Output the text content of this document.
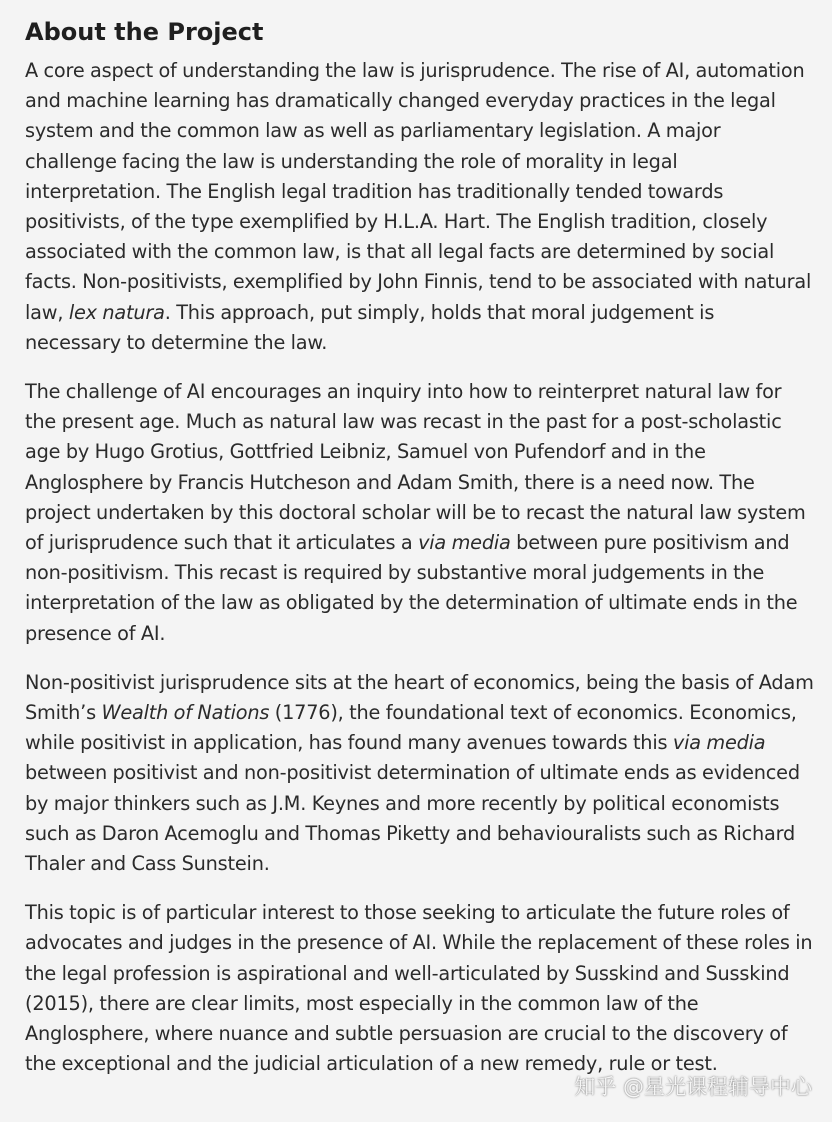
About the Project

A core aspect of understanding the law is jurisprudence. The rise of AI, automation and machine learning has dramatically changed everyday practices in the legal system and the common law as well as parliamentary legislation. A major challenge facing the law is understanding the role of morality in legal interpretation. The English legal tradition has traditionally tended towards positivists, of the type exemplified by H.L.A. Hart. The English tradition, closely associated with the common law, is that all legal facts are determined by social facts. Non-positivists, exemplified by John Finnis, tend to be associated with natural law, lex natura. This approach, put simply, holds that moral judgement is necessary to determine the law.

The challenge of AI encourages an inquiry into how to reinterpret natural law for the present age. Much as natural law was recast in the past for a post-scholastic age by Hugo Grotius, Gottfried Leibniz, Samuel von Pufendorf and in the Anglosphere by Francis Hutcheson and Adam Smith, there is a need now. The project undertaken by this doctoral scholar will be to recast the natural law system of jurisprudence such that it articulates a via media between pure positivism and non-positivism. This recast is required by substantive moral judgements in the interpretation of the law as obligated by the determination of ultimate ends in the presence of AI.

Non-positivist jurisprudence sits at the heart of economics, being the basis of Adam Smith’s Wealth of Nations (1776), the foundational text of economics. Economics, while positivist in application, has found many avenues towards this via media between positivist and non-positivist determination of ultimate ends as evidenced by major thinkers such as J.M. Keynes and more recently by political economists such as Daron Acemoglu and Thomas Piketty and behaviouralists such as Richard Thaler and Cass Sunstein.

This topic is of particular interest to those seeking to articulate the future roles of advocates and judges in the presence of AI. While the replacement of these roles in the legal profession is aspirational and well-articulated by Susskind and Susskind (2015), there are clear limits, most especially in the common law of the Anglosphere, where nuance and subtle persuasion are crucial to the discovery of the exceptional and the judicial articulation of a new remedy, rule or test.

知乎 @星光课程辅导中心
